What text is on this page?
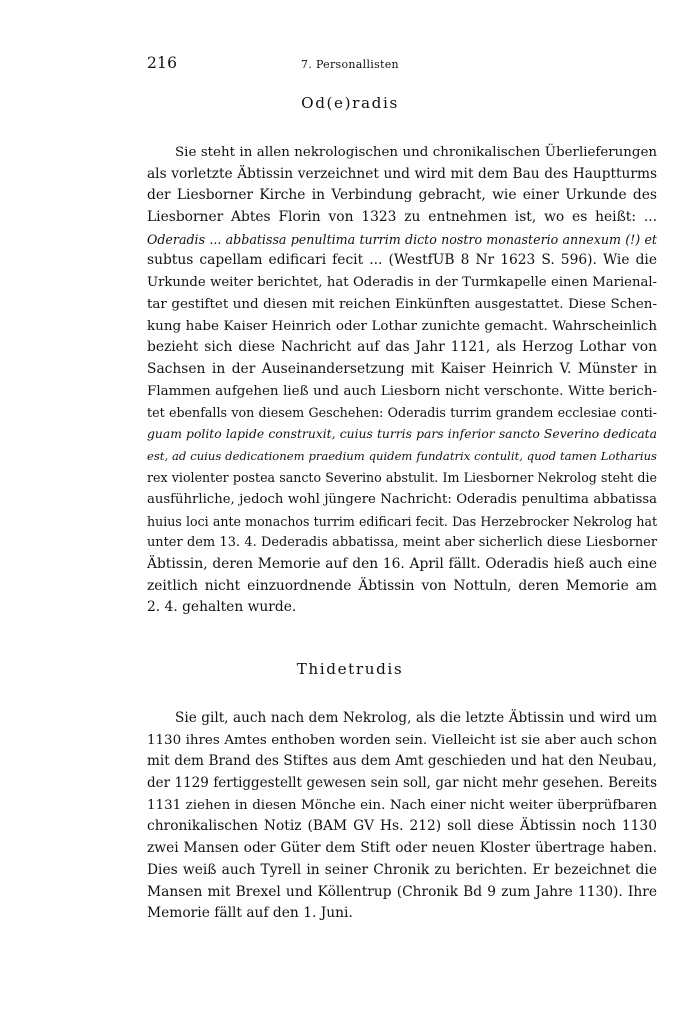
216	7. Personallisten
Od(e)radis
Sie steht in allen nekrologischen und chronikalischen Überlieferungen
als vorletzte Äbtissin verzeichnet und wird mit dem Bau des Hauptturms
der Liesborner Kirche in Verbindung gebracht, wie einer Urkunde des
Liesborner Abtes Florin von 1323 zu entnehmen ist, wo es heißt: ...
Oderadis ... abbatissa penultima turrim dicto nostro monasterio annexum (!) et
subtus capellam edificari fecit ... (WestfUB 8 Nr 1623 S. 596). Wie die
Urkunde weiter berichtet, hat Oderadis in der Turmkapelle einen Marienal-
tar gestiftet und diesen mit reichen Einkünften ausgestattet. Diese Schen-
kung habe Kaiser Heinrich oder Lothar zunichte gemacht. Wahrscheinlich
bezieht sich diese Nachricht auf das Jahr 1121, als Herzog Lothar von
Sachsen in der Auseinandersetzung mit Kaiser Heinrich V. Münster in
Flammen aufgehen ließ und auch Liesborn nicht verschonte. Witte berich-
tet ebenfalls von diesem Geschehen: Oderadis turrim grandem ecclesiae conti-
guam polito lapide construxit, cuius turris pars inferior sancto Severino dedicata
est, ad cuius dedicationem praedium quidem fundatrix contulit, quod tamen Lotharius
rex violenter postea sancto Severino abstulit. Im Liesborner Nekrolog steht die
ausführliche, jedoch wohl jüngere Nachricht: Oderadis penultima abbatissa
huius loci ante monachos turrim edificari fecit. Das Herzebrocker Nekrolog hat
unter dem 13. 4. Dederadis abbatissa, meint aber sicherlich diese Liesborner
Äbtissin, deren Memorie auf den 16. April fällt. Oderadis hieß auch eine
zeitlich nicht einzuordnende Äbtissin von Nottuln, deren Memorie am
2. 4. gehalten wurde.
Thidetrudis
Sie gilt, auch nach dem Nekrolog, als die letzte Äbtissin und wird um
1130 ihres Amtes enthoben worden sein. Vielleicht ist sie aber auch schon
mit dem Brand des Stiftes aus dem Amt geschieden und hat den Neubau,
der 1129 fertiggestellt gewesen sein soll, gar nicht mehr gesehen. Bereits
1131 ziehen in diesen Mönche ein. Nach einer nicht weiter überprüfbaren
chronikalischen Notiz (BAM GV Hs. 212) soll diese Äbtissin noch 1130
zwei Mansen oder Güter dem Stift oder neuen Kloster übertrage haben.
Dies weiß auch Tyrell in seiner Chronik zu berichten. Er bezeichnet die
Mansen mit Brexel und Köllentrup (Chronik Bd 9 zum Jahre 1130). Ihre
Memorie fällt auf den 1. Juni.
